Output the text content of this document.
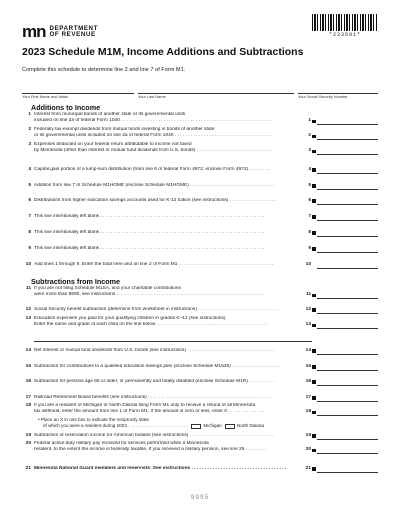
mn DEPARTMENT
OF REVENUE	*233591*
2023 Schedule M1M, Income Additions and Subtractions
Complete this schedule to determine line 2 and line 7 of Form M1.
Your First Name and Initial	Your Last Name	Your Social Security Number
Additions to Income
1 Interest from municipal bonds of another state or its governmental units
included on line 2a of federal Form 1040 . . . . . . . . . . . . . . . . . . . . . . . . . . . . . . . . . . . . . . . . . . . . . . . . . . . . . . . . .	1
2 Federally tax-exempt dividends from mutual funds investing in bonds of another state
or its governmental units included on line 2a of federal Form 1040 . . . . . . . . . . . . . . . . . . . . . . . . . . . . . . . . . . . . .	2
3 Expenses deducted on your federal return attributable to income not taxed
by Minnesota (other than interest or mutual fund dividends from U.S. bonds) . . . . . . . . . . . . . . . . . . . . . . . . . . . . .	3
4 Capital gain portion of a lump-sum distribution (from line 6 of federal Form 4972; enclose Form 4972) . . . . . . . .	4
5 Addition from line 7 of Schedule M1HOME (enclose Schedule M1HOME) . . . . . . . . . . . . . . . . . . . . . . . . . . . . . . . .	5
6 Distributions from higher education savings accounts used for K-12 tuition (see instructions) . . . . . . . . . . . . . . . . . .	6
7 This line intentionally left blank . . . . . . . . . . . . . . . . . . . . . . . . . . . . . . . . . . . . . . . . . . . . . . . . . . . . . . . . . . . . . .	7
8 This line intentionally left blank . . . . . . . . . . . . . . . . . . . . . . . . . . . . . . . . . . . . . . . . . . . . . . . . . . . . . . . . . . . . . .	8
9 This line intentionally left blank . . . . . . . . . . . . . . . . . . . . . . . . . . . . . . . . . . . . . . . . . . . . . . . . . . . . . . . . . . . . . .	9
10 Add lines 1 through 9. Enter the total here and on line 2 of Form M1 . . . . . . . . . . . . . . . . . . . . . . . . . . . . . . . . . . . .	10
Subtractions from Income
11 If you are not filing Schedule M1SA, and your charitable contributions
were more than $500, see instructions . . . . . . . . . . . . . . . . . . . . . . . . . . . . . . . . . . . . . . . . . . . . . . . . . . . . . . . .	11
12 Social Security benefit subtraction (determine from worksheet in instructions) . . . . . . . . . . . . . . . . . . . . . . . . . . . . . .	12
13 Education expenses you paid for your qualifying children in grades K–12 (see instructions)
Enter the name and grade of each child on the line below . . . . . . . . . . . . . . . . . . . . . . . . . . . . . . . . . . . . . . . . . .	13
14 Net interest or mutual fund dividends from U.S. bonds (see instructions) . . . . . . . . . . . . . . . . . . . . . . . . . . . . . . . . .	14
15 Subtraction for contributions to a qualified education savings plan (enclose Schedule M1529) . . . . . . . . . . . . . . . . . .	15
16 Subtraction for persons age 65 or older, or permanently and totally disabled (enclose Schedule M1R) . . . . . . . . . .	16
17 Railroad Retirement Board benefits (see instructions) . . . . . . . . . . . . . . . . . . . . . . . . . . . . . . . . . . . . . . . . . . . . . . .	17
18 If you are a resident of Michigan or North Dakota filing Form M1 only to receive a refund of all Minnesota
tax withheld, enter the amount from line 1 of Form M1. If the amount is zero or less, enter 0 . . . . . . . . . . . . . . .	18
• Place an X in one box to indicate the reciprocity state
of which you were a resident during 2023 . . . . . . . . . . . . . . . . . . . . . . . .	Michigan	North Dakota
19 Subtraction of reservation income for American Indians (see instructions) . . . . . . . . . . . . . . . . . . . . . . . . . . . . . . . .	19
20 Federal active-duty military pay received for services performed while a Minnesota
resident, to the extent the income is federally taxable. If you received a military pension, see line 25 . . . . . . . .	20
21 Minnesota National Guard members and reservists: See instructions . . . . . . . . . . . . . . . . . . . . . . . . . . . . . . . . . . . .	21
9995
